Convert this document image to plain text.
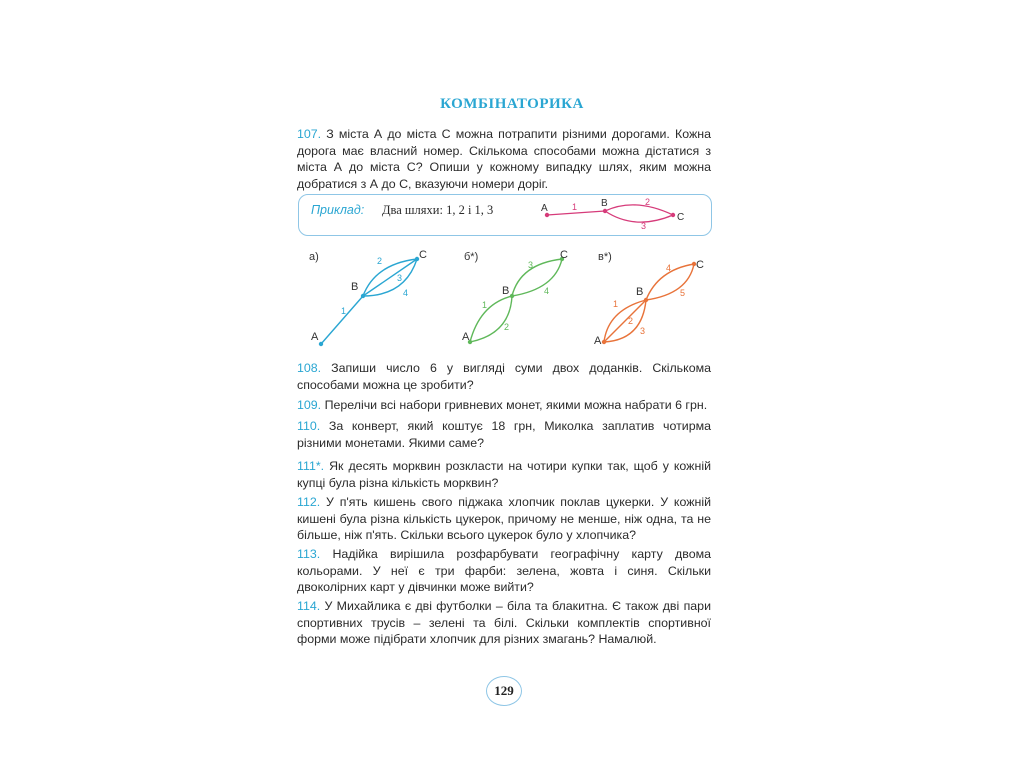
КОМБІНАТОРИКА
107. З міста А до міста С можна потрапити різними дорогами. Кожна дорога має власний номер. Скількома способами можна дістатися з міста А до міста С? Опиши у кожному випадку шлях, яким можна добратися з А до С, вказуючи номери доріг.
Приклад: Два шляхи: 1, 2 і 1, 3	A	B
C
1	2
3
а)
A
B
C
1
2
3
4
б*)
A
B
C
1
2
3
4
в*)
A
B
C
1
2
3
4
5
108. Запиши число 6 у вигляді суми двох доданків. Скількома способами можна це зробити?
109. Перелічи всі набори гривневих монет, якими можна набрати 6 грн.
110. За конверт, який коштує 18 грн, Миколка заплатив чотирма різними монетами. Якими саме?
111*. Як десять морквин розкласти на чотири купки так, щоб у кожній купці була різна кількість морквин?
112. У п'ять кишень свого піджака хлопчик поклав цукерки. У кожній кишені була різна кількість цукерок, причому не менше, ніж одна, та не більше, ніж п'ять. Скільки всього цукерок було у хлопчика?
113. Надійка вирішила розфарбувати географічну карту двома кольорами. У неї є три фарби: зелена, жовта і синя. Скільки двоколірних карт у дівчинки може вийти?
114. У Михайлика є дві футболки – біла та блакитна. Є також дві пари спортивних трусів – зелені та білі. Скільки комплектів спортивної форми може підібрати хлопчик для різних змагань? Намалюй.
129
